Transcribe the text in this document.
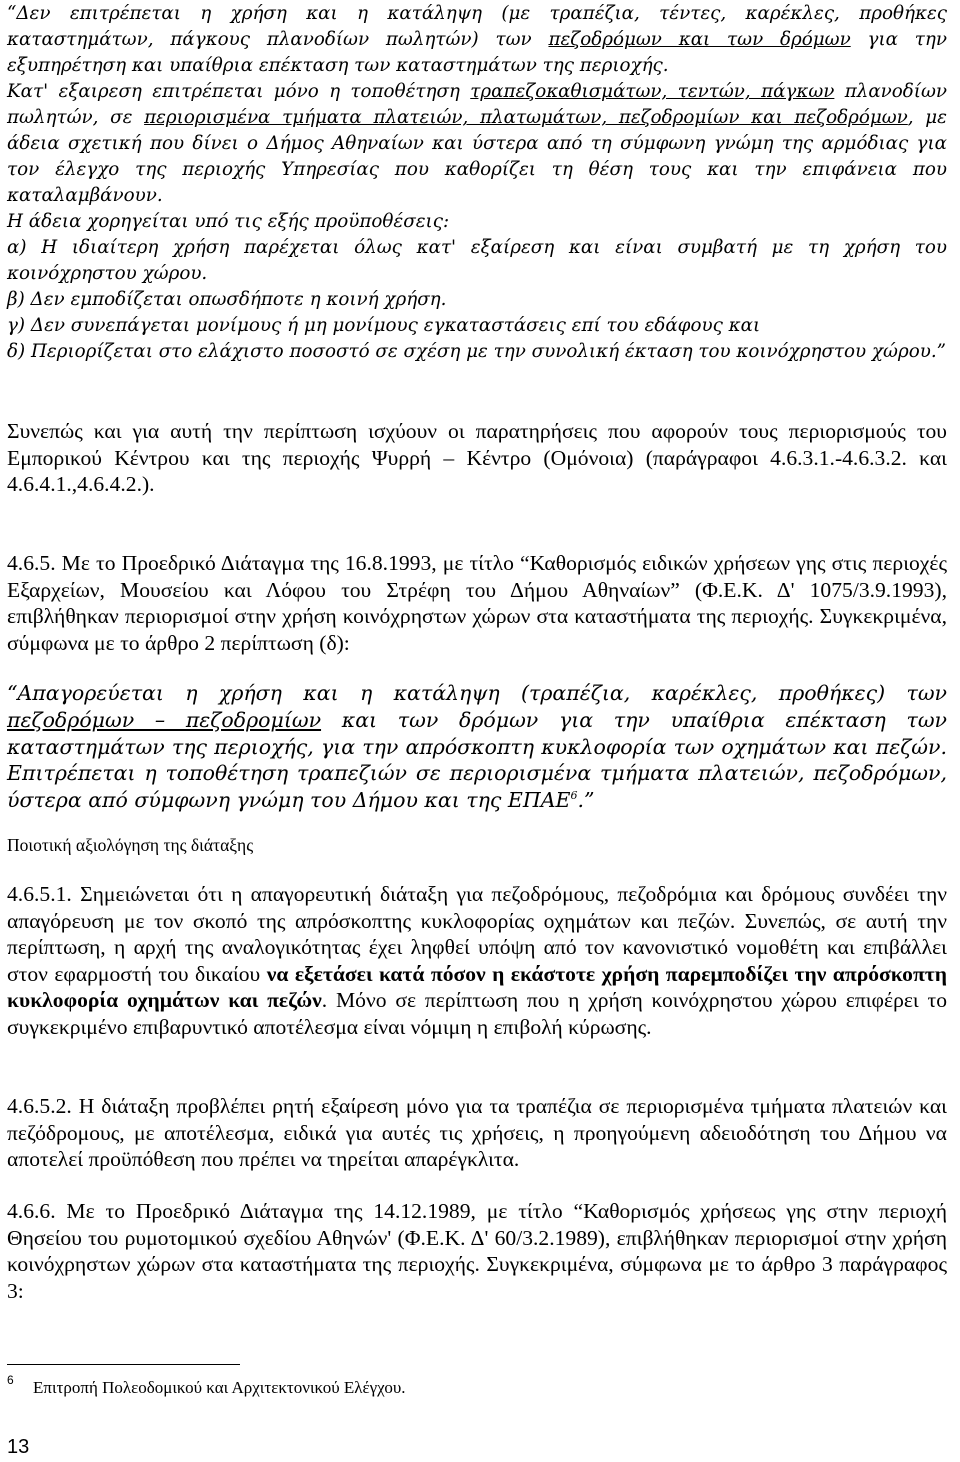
“Δεν επιτρέπεται η χρήση και η κατάληψη (με τραπέζια, τέντες, καρέκλες, προθήκες καταστημάτων, πάγκους πλανοδίων πωλητών) των πεζοδρόμων και των δρόμων για την εξυπηρέτηση και υπαίθρια επέκταση των καταστημάτων της περιοχής.

Κατ' εξαιρεση επιτρέπεται μόνο η τοποθέτηση τραπεζοκαθισμάτων, τεντών, πάγκων πλανοδίων πωλητών, σε περιορισμένα τμήματα πλατειών, πλατωμάτων, πεζοδρομίων και πεζοδρόμων, με άδεια σχετική που δίνει ο Δήμος Αθηναίων και ύστερα από τη σύμφωνη γνώμη της αρμόδιας για τον έλεγχο της περιοχής Υπηρεσίας που καθορίζει τη θέση τους και την επιφάνεια που καταλαμβάνουν.

Η άδεια χορηγείται υπό τις εξής προϋποθέσεις:

α) Η ιδιαίτερη χρήση παρέχεται όλως κατ' εξαίρεση και είναι συμβατή με τη χρήση του κοινόχρηστου χώρου.

β) Δεν εμποδίζεται οπωσδήποτε η κοινή χρήση.

γ) Δεν συνεπάγεται μονίμους ή μη μονίμους εγκαταστάσεις επί του εδάφους και

δ) Περιορίζεται στο ελάχιστο ποσοστό σε σχέση με την συνολική έκταση του κοινόχρηστου χώρου.”

Συνεπώς και για αυτή την περίπτωση ισχύουν οι παρατηρήσεις που αφορούν τους περιορισμούς του Εμπορικού Κέντρου και της περιοχής Ψυρρή – Κέντρο (Ομόνοια) (παράγραφοι 4.6.3.1.-4.6.3.2. και 4.6.4.1.,4.6.4.2.).

4.6.5. Με το Προεδρικό Διάταγμα της 16.8.1993, με τίτλο “Καθορισμός ειδικών χρήσεων γης στις περιοχές Εξαρχείων, Μουσείου και Λόφου του Στρέφη του Δήμου Αθηναίων” (Φ.Ε.Κ. Δ' 1075/3.9.1993), επιβλήθηκαν περιορισμοί στην χρήση κοινόχρηστων χώρων στα καταστήματα της περιοχής. Συγκεκριμένα, σύμφωνα με το άρθρο 2 περίπτωση (δ):

“Απαγορεύεται η χρήση και η κατάληψη (τραπέζια, καρέκλες, προθήκες) των πεζοδρόμων – πεζοδρομίων και των δρόμων για την υπαίθρια επέκταση των καταστημάτων της περιοχής, για την απρόσκοπτη κυκλοφορία των οχημάτων και πεζών. Επιτρέπεται η τοποθέτηση τραπεζιών σε περιορισμένα τμήματα πλατειών, πεζοδρόμων, ύστερα από σύμφωνη γνώμη του Δήμου και της ΕΠΑΕ$^6$.”

Ποιοτική αξιολόγηση της διάταξης

4.6.5.1. Σημειώνεται ότι η απαγορευτική διάταξη για πεζοδρόμους, πεζοδρόμια και δρόμους συνδέει την απαγόρευση με τον σκοπό της απρόσκοπτης κυκλοφορίας οχημάτων και πεζών. Συνεπώς, σε αυτή την περίπτωση, η αρχή της αναλογικότητας έχει ληφθεί υπόψη από τον κανονιστικό νομοθέτη και επιβάλλει στον εφαρμοστή του δικαίου να εξετάσει κατά πόσον η εκάστοτε χρήση παρεμποδίζει την απρόσκοπτη κυκλοφορία οχημάτων και πεζών. Μόνο σε περίπτωση που η χρήση κοινόχρηστου χώρου επιφέρει το συγκεκριμένο επιβαρυντικό αποτέλεσμα είναι νόμιμη η επιβολή κύρωσης.

4.6.5.2. Η διάταξη προβλέπει ρητή εξαίρεση μόνο για τα τραπέζια σε περιορισμένα τμήματα πλατειών και πεζόδρομους, με αποτέλεσμα, ειδικά για αυτές τις χρήσεις, η προηγούμενη αδειοδότηση του Δήμου να αποτελεί προϋπόθεση που πρέπει να τηρείται απαρέγκλιτα.

4.6.6. Με το Προεδρικό Διάταγμα της 14.12.1989, με τίτλο “Καθορισμός χρήσεως γης στην περιοχή Θησείου του ρυμοτομικού σχεδίου Αθηνών' (Φ.Ε.Κ. Δ' 60/3.2.1989), επιβλήθηκαν περιορισμοί στην χρήση κοινόχρηστων χώρων στα καταστήματα της περιοχής. Συγκεκριμένα, σύμφωνα με το άρθρο 3 παράγραφος 3:

6 Επιτροπή Πολεοδομικού και Αρχιτεκτονικού Ελέγχου.
13
